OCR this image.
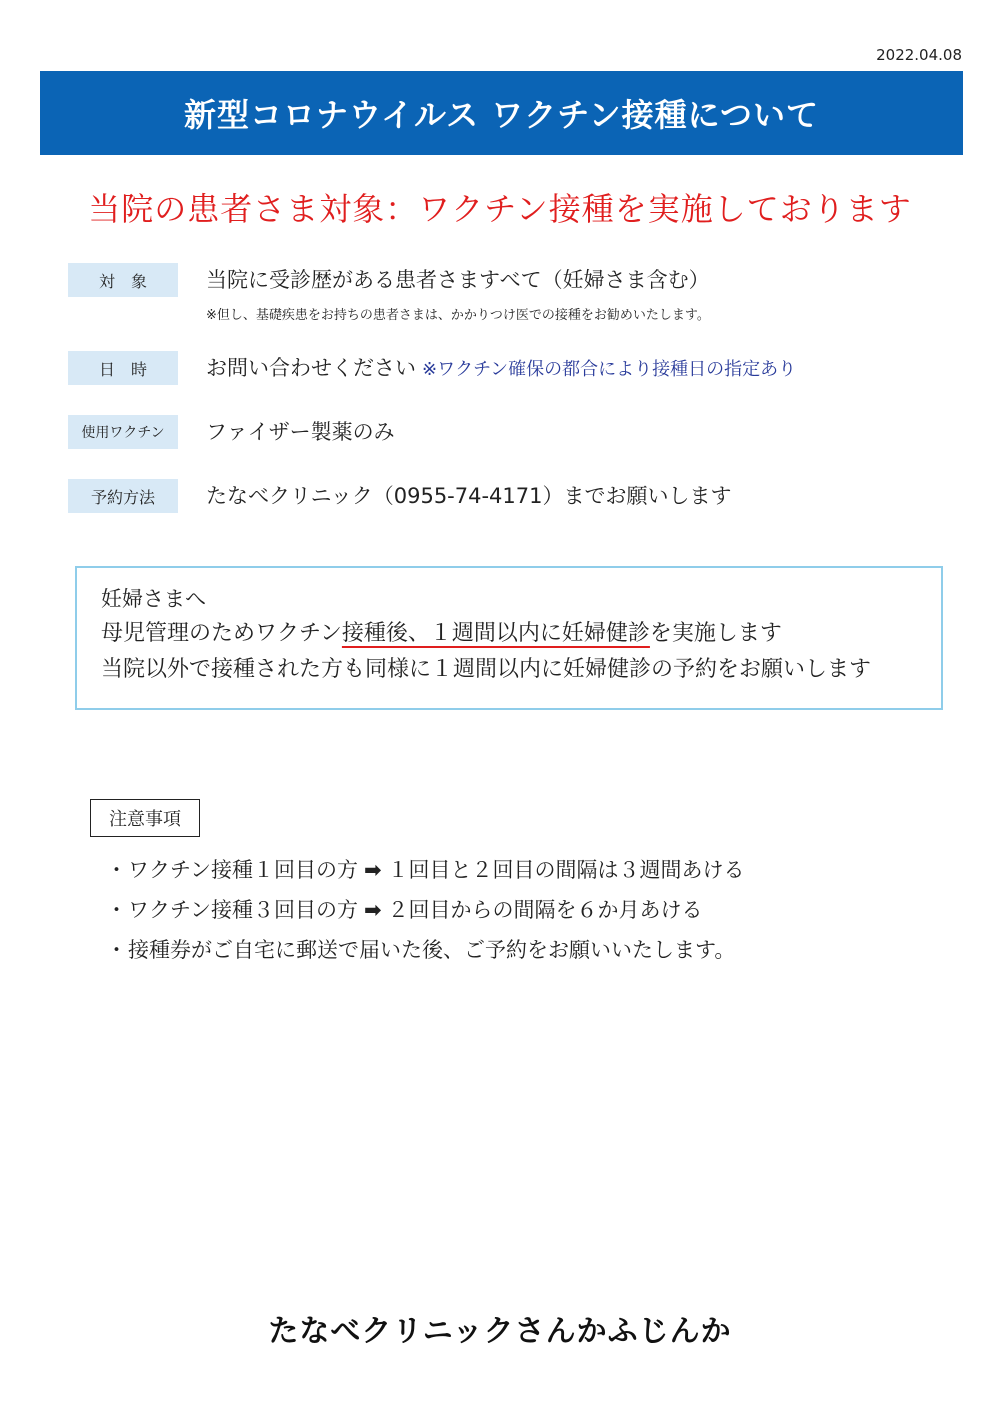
2022.04.08
新型コロナウイルス ワクチン接種について
当院の患者さま対象：ワクチン接種を実施しております
対　象	当院に受診歴がある患者さますべて（妊婦さま含む）
※但し、基礎疾患をお持ちの患者さまは、かかりつけ医での接種をお勧めいたします。
日　時	お問い合わせください ※ワクチン確保の都合により接種日の指定あり
使用ワクチン	ファイザー製薬のみ
予約方法	たなべクリニック（0955-74-4171）までお願いします
妊婦さまへ
母児管理のためワクチン接種後、１週間以内に妊婦健診を実施します
当院以外で接種された方も同様に１週間以内に妊婦健診の予約をお願いします
注意事項
・ワクチン接種１回目の方 ➡ １回目と２回目の間隔は３週間あける
・ワクチン接種３回目の方 ➡ ２回目からの間隔を６か月あける
・接種券がご自宅に郵送で届いた後、ご予約をお願いいたします。
たなべクリニックさんかふじんか
